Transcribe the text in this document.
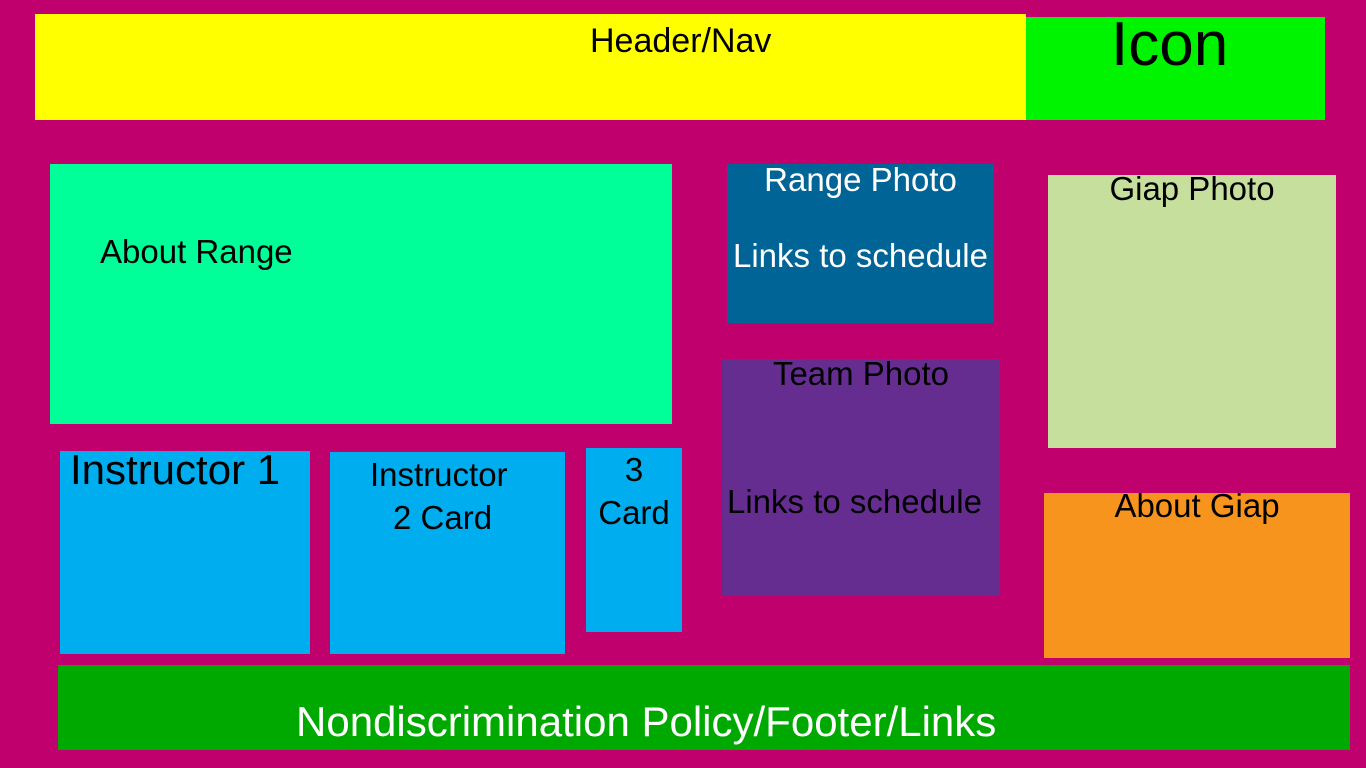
Header/Nav	Icon
About Range
Range Photo
Links to schedule
Team Photo
Links to schedule
Giap Photo
About Giap
Instructor 1	Instructor
2 Card
3
Card
Nondiscrimination Policy/Footer/Links
